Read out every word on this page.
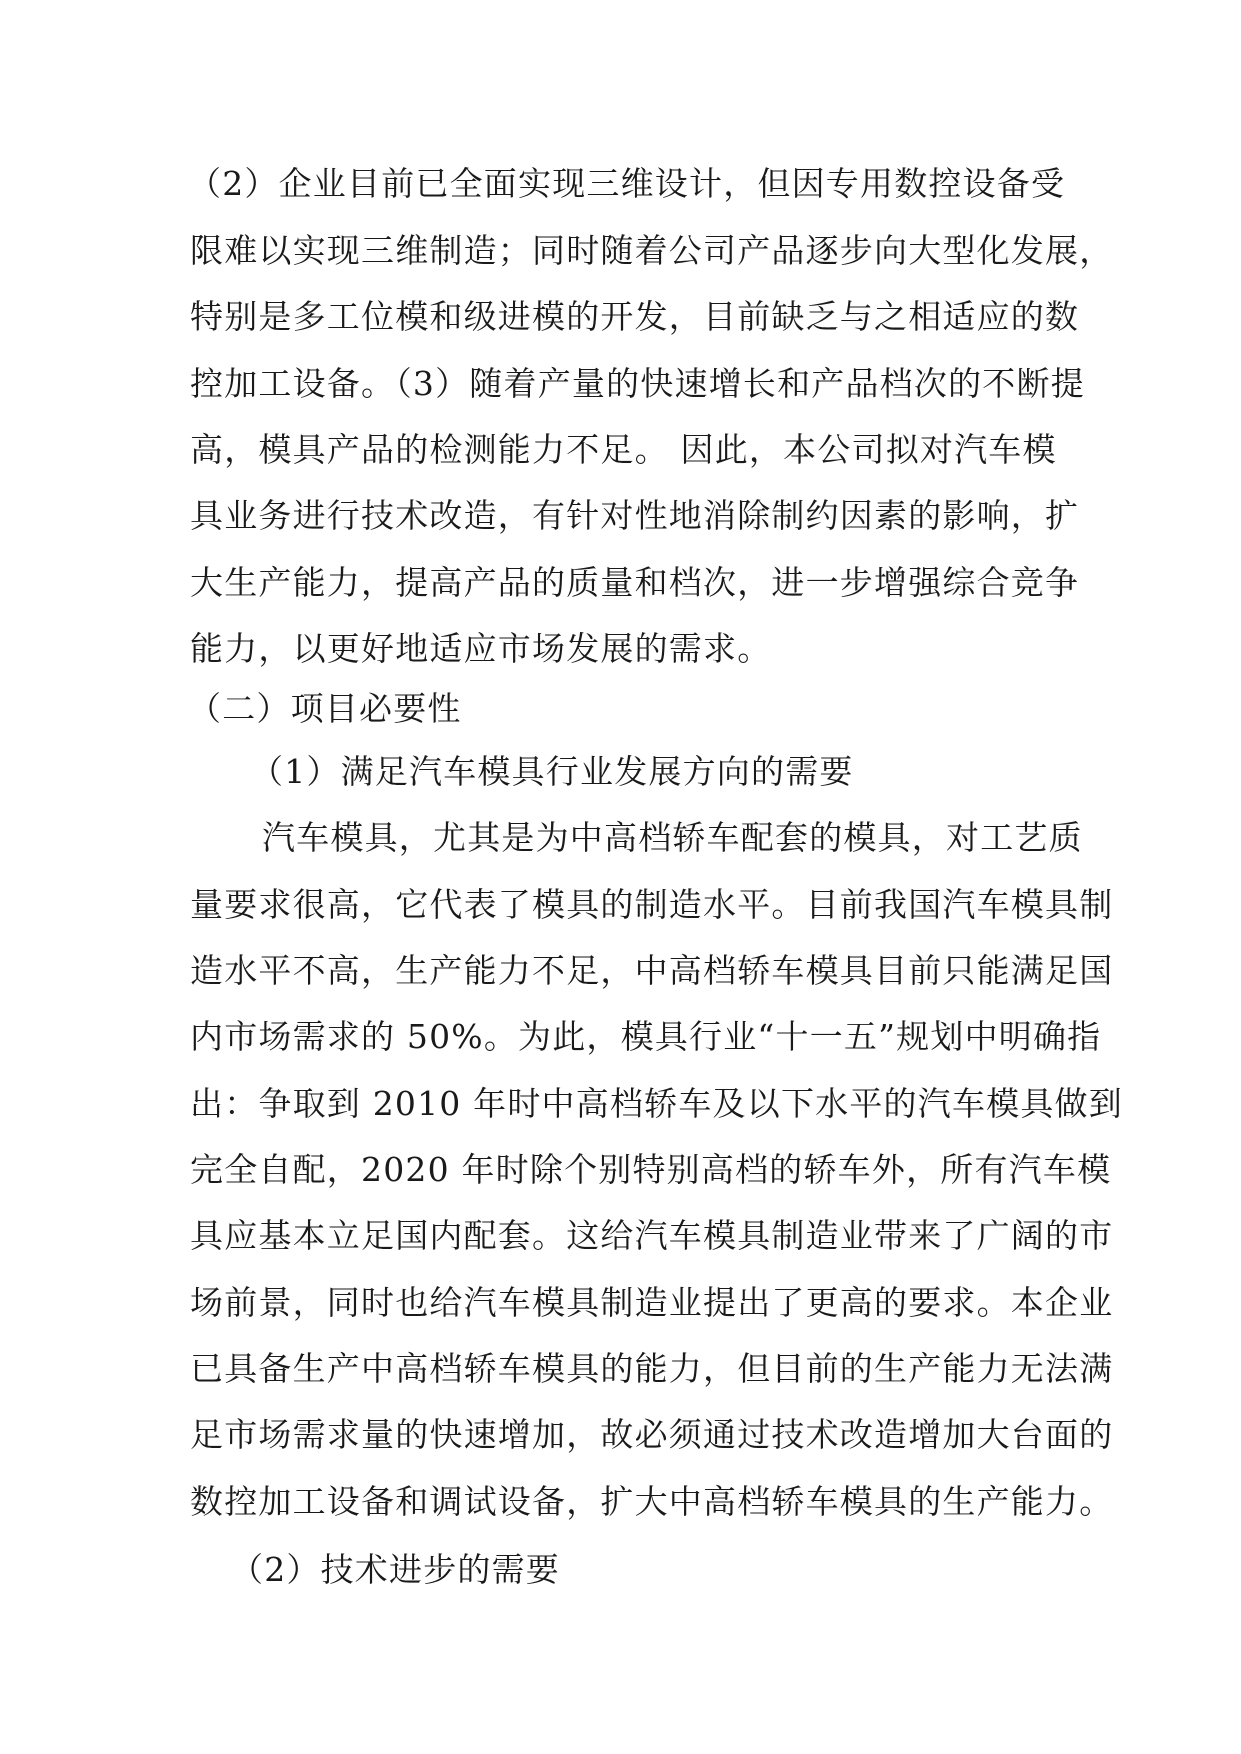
（2）企业目前已全面实现三维设计，但因专用数控设备受
限难以实现三维制造；同时随着公司产品逐步向大型化发展，
特别是多工位模和级进模的开发，目前缺乏与之相适应的数
控加工设备。（3）随着产量的快速增长和产品档次的不断提
高，模具产品的检测能力不足。 因此，本公司拟对汽车模
具业务进行技术改造，有针对性地消除制约因素的影响，扩
大生产能力，提高产品的质量和档次，进一步增强综合竞争
能力，以更好地适应市场发展的需求。
（二）项目必要性
（1）满足汽车模具行业发展方向的需要
汽车模具，尤其是为中高档轿车配套的模具，对工艺质
量要求很高，它代表了模具的制造水平。目前我国汽车模具制
造水平不高，生产能力不足，中高档轿车模具目前只能满足国
内市场需求的 50%。为此，模具行业“十一五”规划中明确指
出：争取到 2010 年时中高档轿车及以下水平的汽车模具做到
完全自配，2020 年时除个别特别高档的轿车外，所有汽车模
具应基本立足国内配套。这给汽车模具制造业带来了广阔的市
场前景，同时也给汽车模具制造业提出了更高的要求。本企业
已具备生产中高档轿车模具的能力，但目前的生产能力无法满
足市场需求量的快速增加，故必须通过技术改造增加大台面的
数控加工设备和调试设备，扩大中高档轿车模具的生产能力。
（2）技术进步的需要
